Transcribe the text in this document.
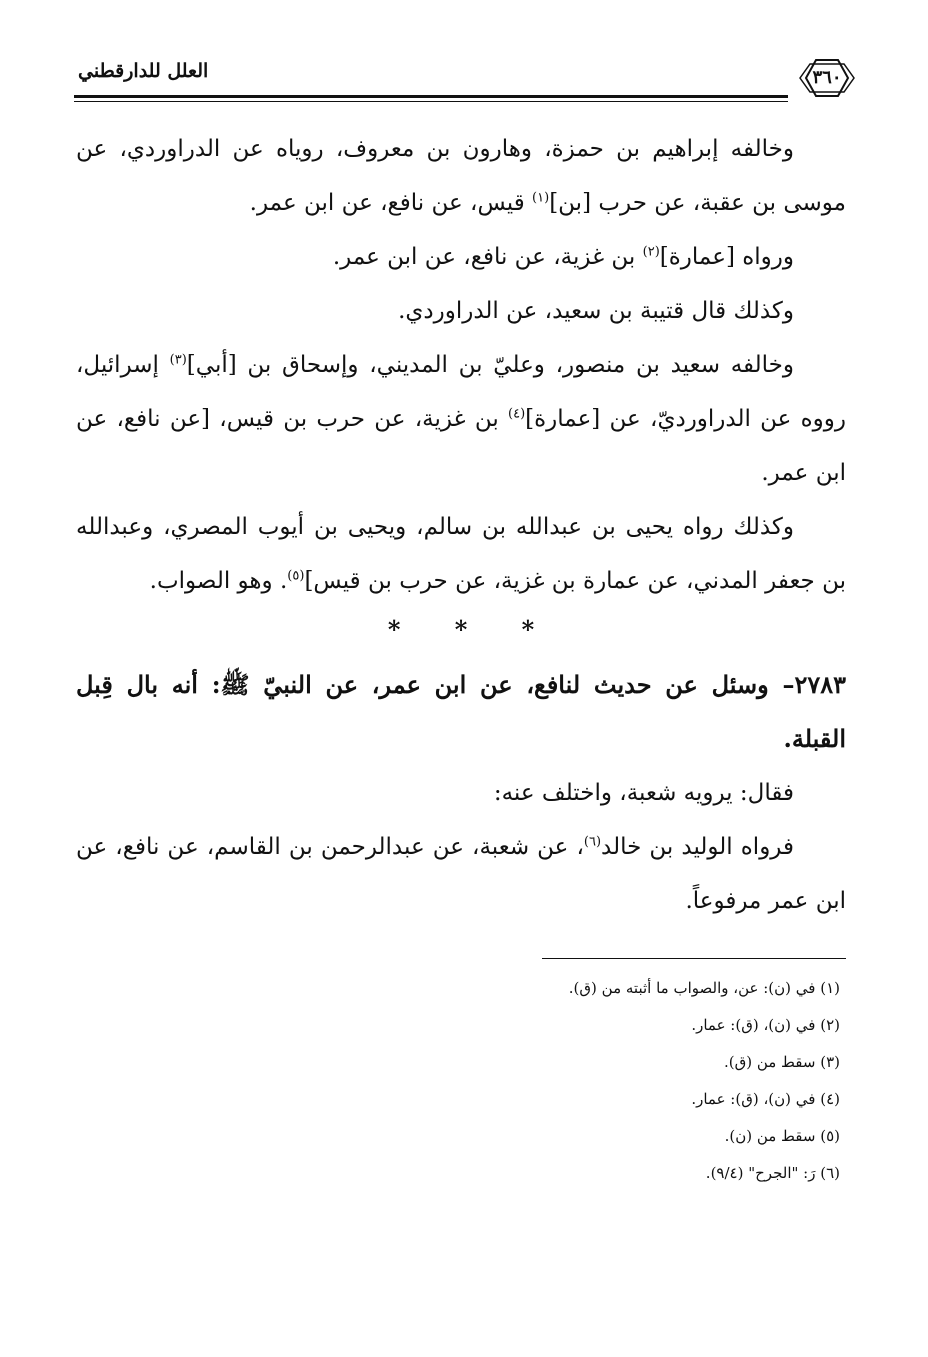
العلل للدارقطني	٣٦٠

وخالفه إبراهيم بن حمزة، وهارون بن معروف، روياه عن الدراوردي، عن موسى بن عقبة، عن حرب [بن]$^{(١)}$ قيس، عن نافع، عن ابن عمر.

ورواه [عمارة]$^{(٢)}$ بن غزية، عن نافع، عن ابن عمر.

وكذلك قال قتيبة بن سعيد، عن الدراوردي.

وخالفه سعيد بن منصور، وعليّ بن المديني، وإسحاق بن [أبي]$^{(٣)}$ إسرائيل، رووه عن الدراورديّ، عن [عمارة]$^{(٤)}$ بن غزية، عن حرب بن قيس، [عن نافع، عن ابن عمر.

وكذلك رواه يحيى بن عبدالله بن سالم، ويحيى بن أيوب المصري، وعبدالله بن جعفر المدني، عن عمارة بن غزية، عن حرب بن قيس]$^{(٥)}$. وهو الصواب.

* * *

٢٧٨٣– وسئل عن حديث لنافع، عن ابن عمر، عن النبيّ ﷺ: أنه بال قِبل القبلة.

فقال: يرويه شعبة، واختلف عنه:

فرواه الوليد بن خالد$^{(٦)}$، عن شعبة، عن عبدالرحمن بن القاسم، عن نافع، عن ابن عمر مرفوعاً.

(١) في (ن): عن، والصواب ما أثبته من (ق).
(٢) في (ن)، (ق): عمار.
(٣) سقط من (ق).
(٤) في (ن)، (ق): عمار.
(٥) سقط من (ن).
(٦) رَ: "الجرح" (٩/٤).
